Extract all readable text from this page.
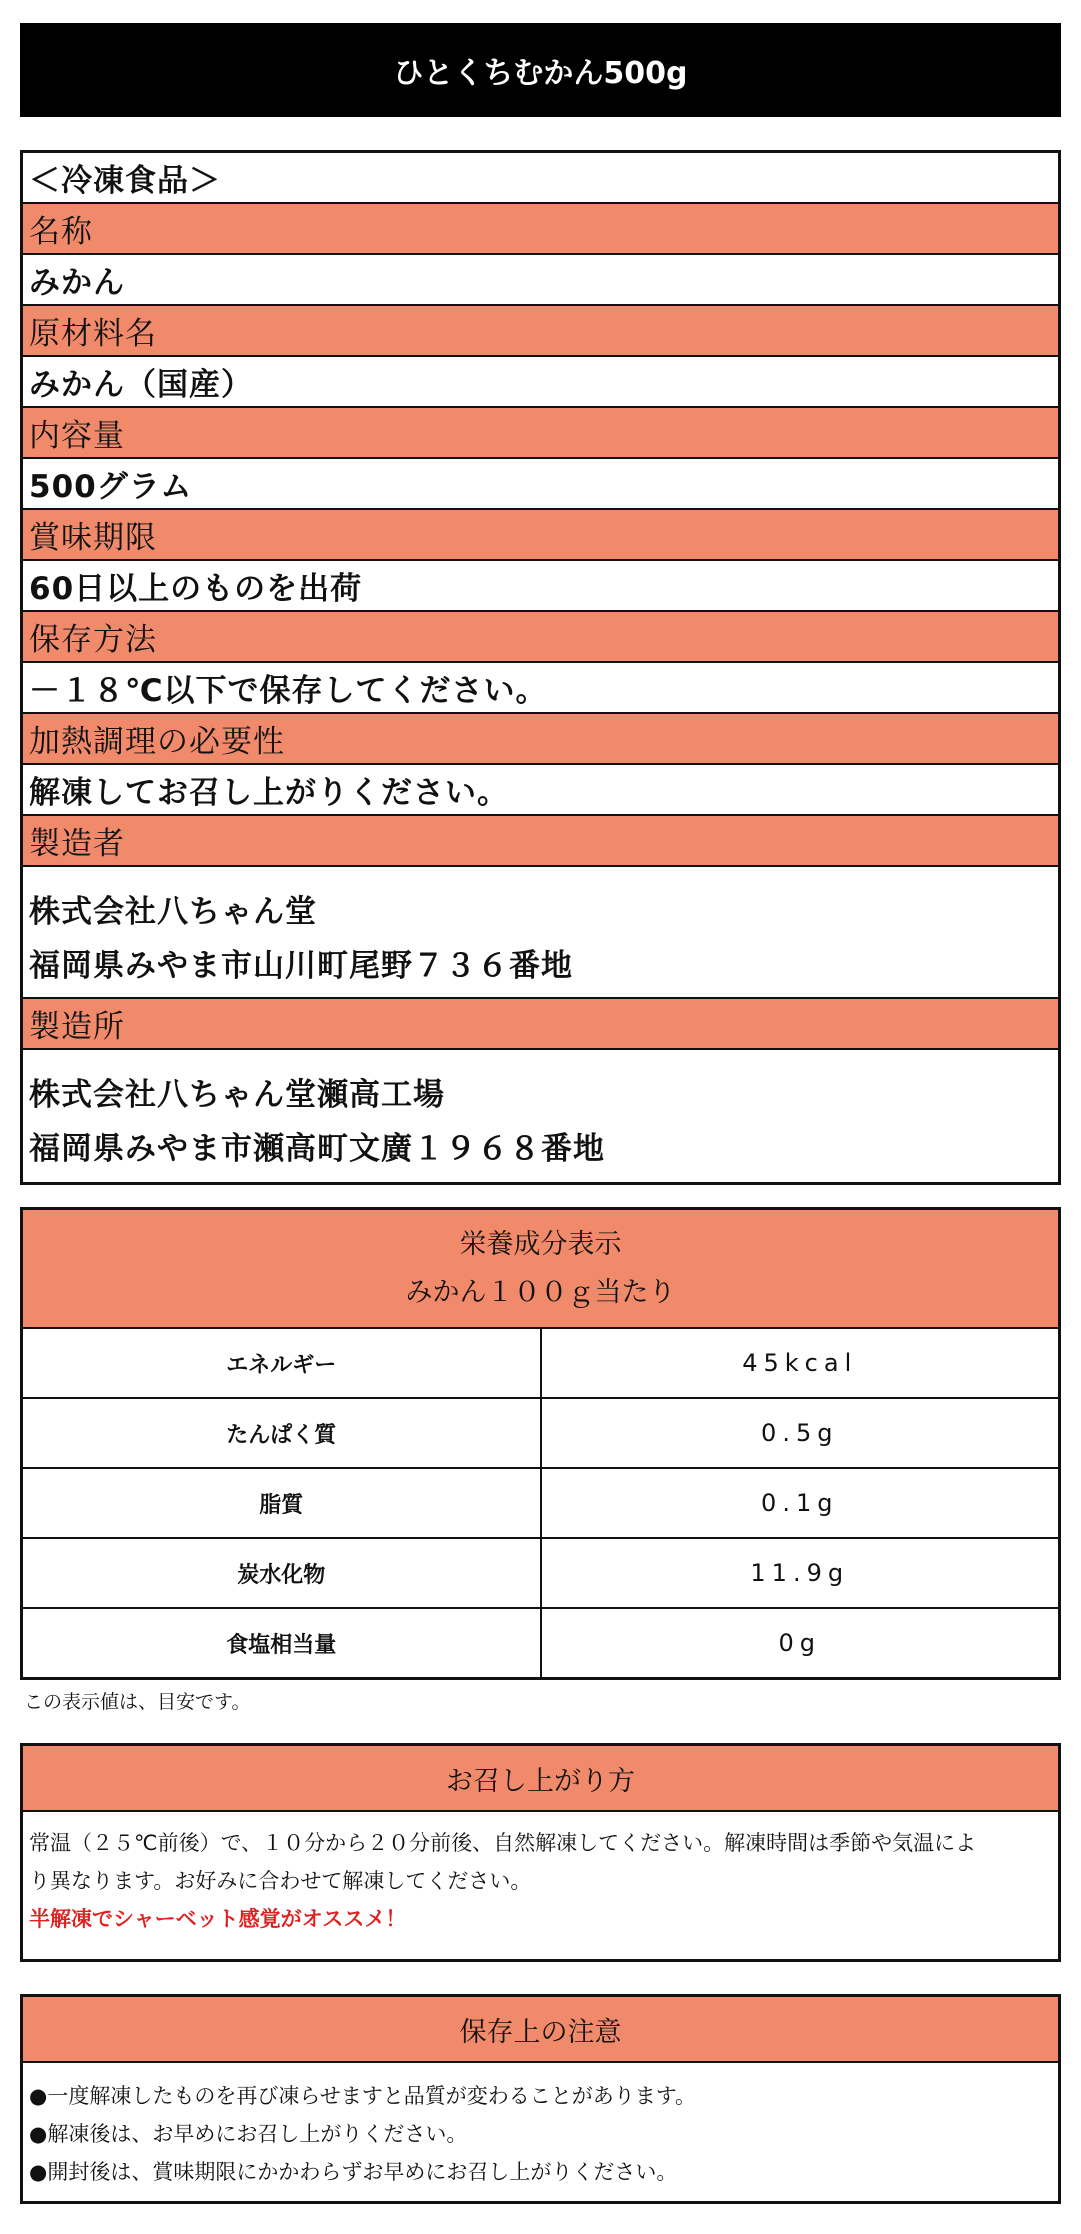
ひとくちむかん500g
＜冷凍食品＞
名称
みかん
原材料名
みかん（国産）
内容量
500グラム
賞味期限
60日以上のものを出荷
保存方法
－１８℃以下で保存してください。
加熱調理の必要性
解凍してお召し上がりください。
製造者
株式会社八ちゃん堂
福岡県みやま市山川町尾野７３６番地
製造所
株式会社八ちゃん堂瀬高工場
福岡県みやま市瀬高町文廣１９６８番地
栄養成分表示
みかん１００ｇ当たり
エネルギー	45kcal
たんぱく質	0.5g
脂質	0.1g
炭水化物	11.9g
食塩相当量	0g
この表示値は、目安です。
お召し上がり方
常温（２５℃前後）で、１０分から２０分前後、自然解凍してください。解凍時間は季節や気温によ
り異なります。お好みに合わせて解凍してください。
半解凍でシャーベット感覚がオススメ！
保存上の注意
●一度解凍したものを再び凍らせますと品質が変わることがあります。
●解凍後は、お早めにお召し上がりください。
●開封後は、賞味期限にかかわらずお早めにお召し上がりください。
